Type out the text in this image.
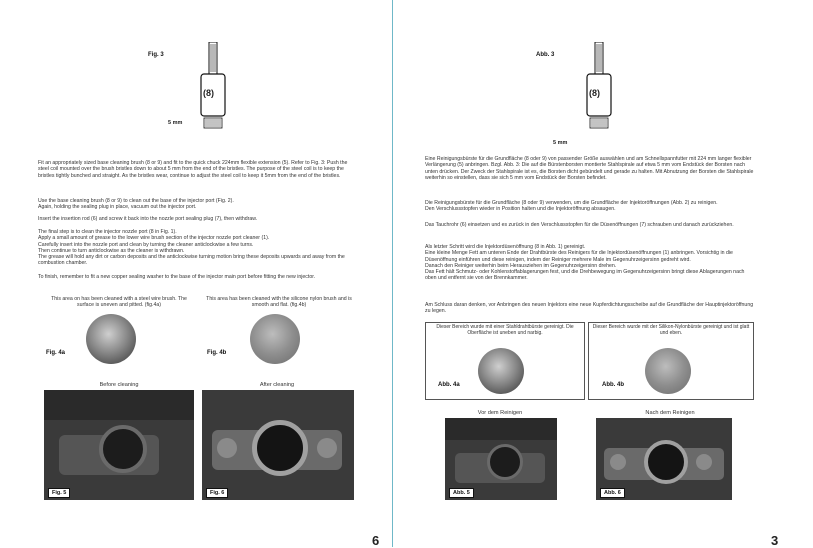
Fig. 3
(8)
5 mm
Fit an appropriately sized base cleaning brush (8 or 9) and fit to the quick chuck 224mm flexible extension (5). Refer to Fig. 3: Push the steel coil mounted over the brush bristles down to about 5 mm from the end of the bristles. The purpose of the steel coil is to keep the bristles tightly bunched and straight. As the bristles wear, continue to adjust the steel coil to keep it 5mm from the end of the bristles.
Use the base cleaning brush (8 or 9) to clean out the base of the injector port (Fig. 2).
Again, holding the sealing plug in place, vacuum out the injector port.
Insert the insertion rod (6) and screw it back into the nozzle port sealing plug (7), then withdraw.
The final step is to clean the injector nozzle port (8 in Fig. 1).
Apply a small amount of grease to the lower wire brush section of the injector nozzle port cleaner (1).
Carefully insert into the nozzle port and clean by turning the cleaner anticlockwise a few turns.
Then continue to turn anticlockwise as the cleaner is withdrawn.
The grease will hold any dirt or carbon deposits and the anticlockwise turning motion bring these deposits upwards and away from the combustion chamber.
To finish, remember to fit a new copper sealing washer to the base of the injector main port before fitting the new injector.
This area on has been cleaned with a steel wire brush. The surface is uneven and pitted. (fig.4a)
This area has been cleaned with the silicone nylon brush and is smooth and flat. (fig.4b)
Fig. 4a	Fig. 4b
Before cleaning	After cleaning
Fig. 5	Fig. 6
6
Abb. 3
(8)
5 mm
Eine Reinigungsbürste für die Grundfläche (8 oder 9) von passender Größe auswählen und am Schnellspannfutter mit 224 mm langer flexibler Verlängerung (5) anbringen. Bzgl. Abb. 3: Die auf die Bürstenborsten montierte Stahlspirale auf etwa 5 mm vom Endstück der Borsten nach unten drücken. Der Zweck der Stahlspirale ist es, die Borsten dicht gebündelt und gerade zu halten. Mit Abnutzung der Borsten die Stahlspirale weiterhin so einstellen, dass sie sich 5 mm vom Endstück der Borsten befindet.
Die Reinigungsbürste für die Grundfläche (8 oder 9) verwenden, um die Grundfläche der Injektoröffnungen (Abb. 2) zu reinigen.
Den Verschlussstopfen wieder in Position halten und die Injektoröffnung absaugen.
Das Tauchrohr (6) einsetzen und es zurück in den Verschlussstopfen für die Düsenöffnungen (7) schrauben und danach zurückziehen.
Als letzter Schritt wird die Injektordüsenöffnung (8 in Abb. 1) gereinigt.
Eine kleine Menge Fett am unteren Ende der Drahtbürste des Reinigers für die Injektordüsenöffnungen (1) anbringen. Vorsichtig in die Düsenöffnung einführen und diese reinigen, indem der Reiniger mehrere Male im Gegenuhrzeigersinn gedreht wird.
Danach den Reiniger weiterhin beim Herausziehen im Gegenuhrzeigersinn drehen.
Das Fett hält Schmutz- oder Kohlenstoffablagerungen fest, und die Drehbewegung im Gegenuhrzeigersinn bringt diese Ablagerungen nach oben und entfernt sie von der Brennkammer.
Am Schluss daran denken, vor Anbringen des neuen Injektors eine neue Kupferdichtungsscheibe auf die Grundfläche der Hauptinjektoröffnung zu legen.
Dieser Bereich wurde mit einer Stahldrahtbürste gereinigt. Die Oberfläche ist uneben und narbig.
Dieser Bereich wurde mit der Silikon-Nylonbürste gereinigt und ist glatt und eben.
Abb. 4a	Abb. 4b
Vor dem Reinigen	Nach dem Reinigen
Abb. 5	Abb. 6
3
